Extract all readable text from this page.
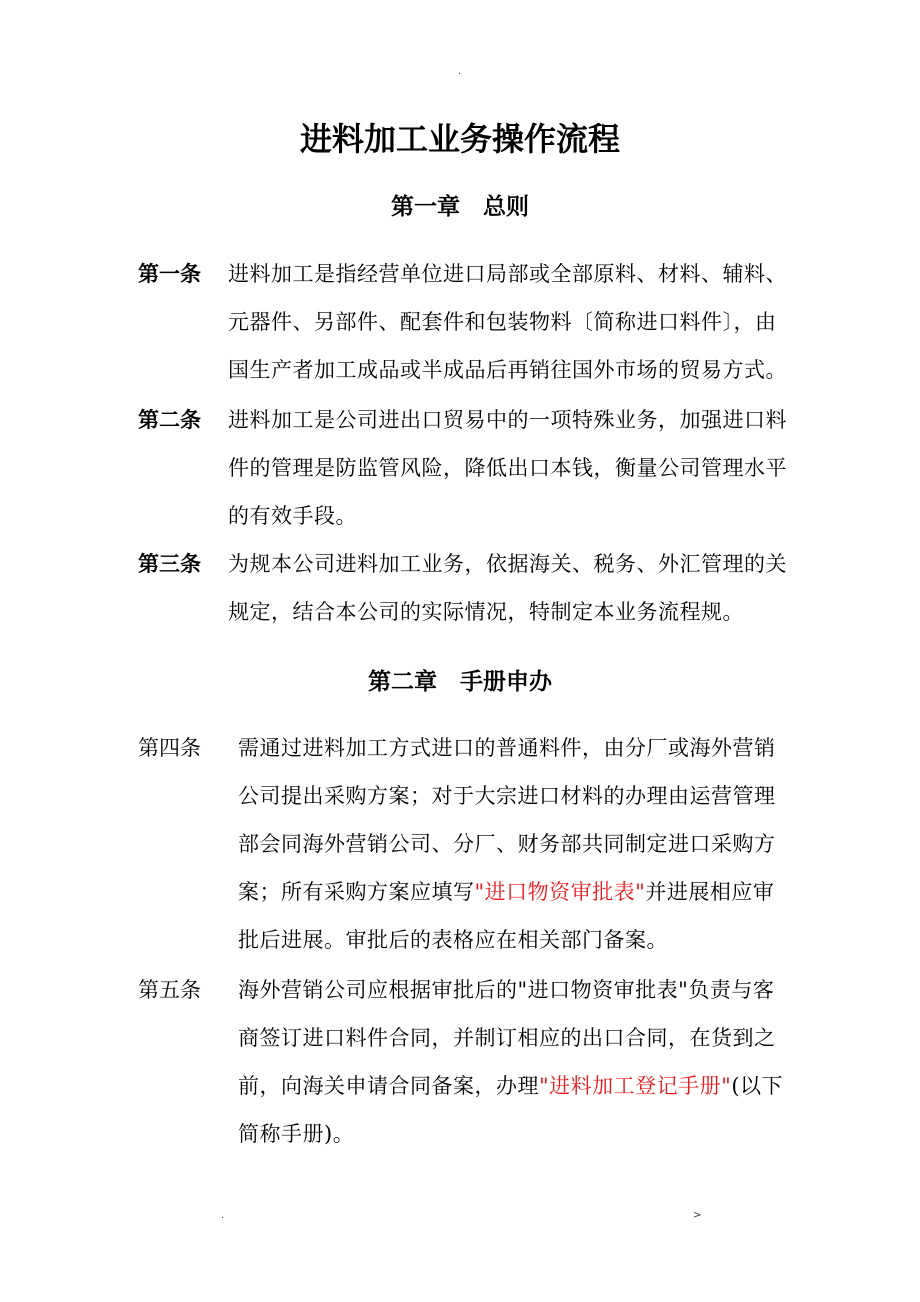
.
进料加工业务操作流程
第一章　总则
第一条 进料加工是指经营单位进口局部或全部原料、材料、辅料、
元器件、另部件、配套件和包装物料〔简称进口料件〕，由
国生产者加工成品或半成品后再销往国外市场的贸易方式。
第二条 进料加工是公司进出口贸易中的一项特殊业务，加强进口料
件的管理是防监管风险，降低出口本钱，衡量公司管理水平
的有效手段。
第三条 为规本公司进料加工业务，依据海关、税务、外汇管理的关
规定，结合本公司的实际情况，特制定本业务流程规。
第二章　手册申办
第四条 需通过进料加工方式进口的普通料件，由分厂或海外营销
公司提出采购方案；对于大宗进口材料的办理由运营管理
部会同海外营销公司、分厂、财务部共同制定进口采购方
案；所有采购方案应填写"进口物资审批表"并进展相应审
批后进展。审批后的表格应在相关部门备案。
第五条 海外营销公司应根据审批后的"进口物资审批表"负责与客
商签订进口料件合同，并制订相应的出口合同，在货到之
前，向海关申请合同备案，办理"进料加工登记手册"(以下
简称手册)。
.	>
